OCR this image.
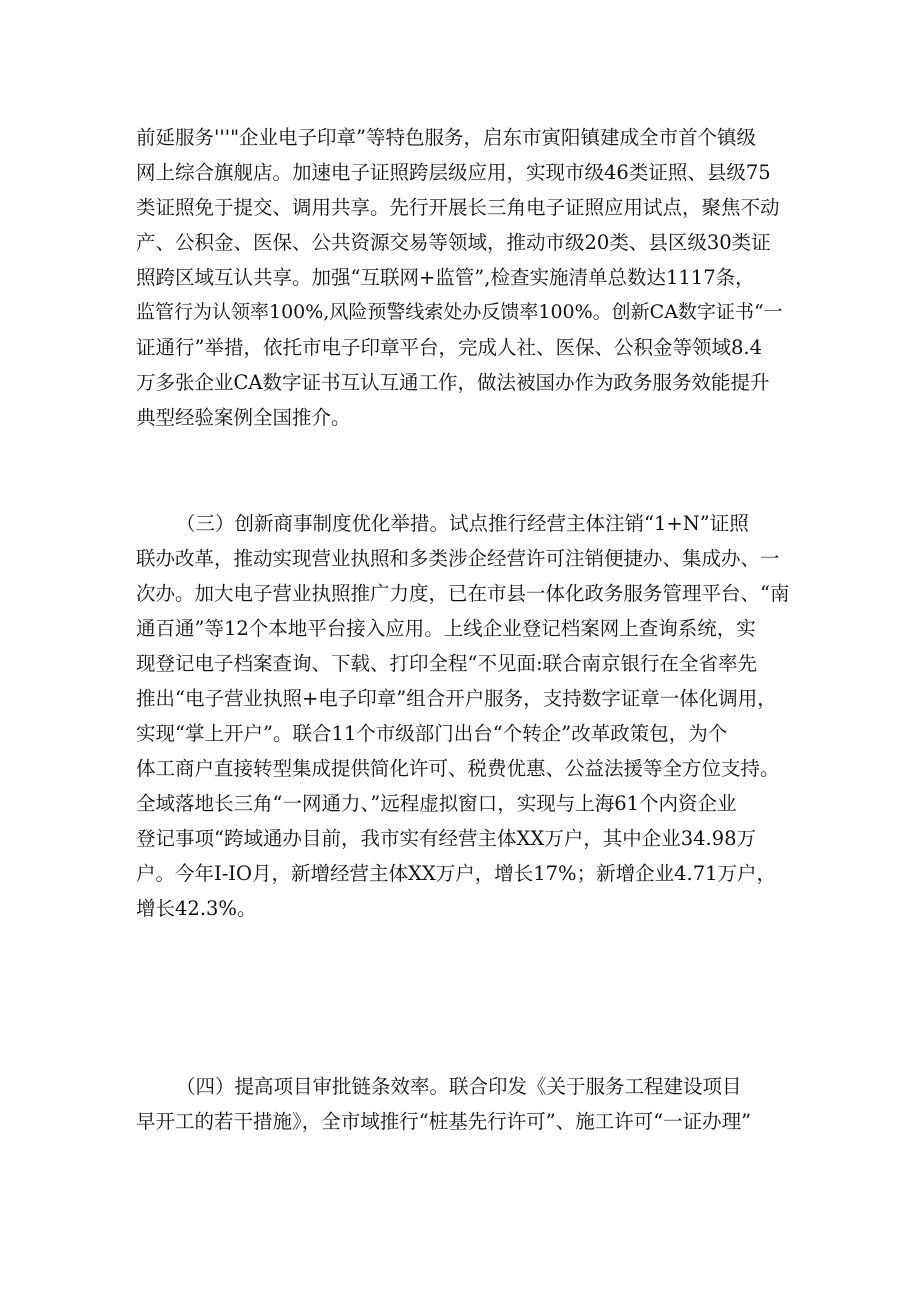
前延服务'''"企业电子印章”等特色服务，启东市寅阳镇建成全市首个镇级
网上综合旗舰店。加速电子证照跨层级应用，实现市级46类证照、县级75
类证照免于提交、调用共享。先行开展长三角电子证照应用试点，聚焦不动
产、公积金、医保、公共资源交易等领域，推动市级20类、县区级30类证
照跨区域互认共享。加强“互联网+监管”,检查实施清单总数达1117条，
监管行为认领率100%,风险预警线索处办反馈率100%。创新CA数字证书“一
证通行”举措，依托市电子印章平台，完成人社、医保、公积金等领域8.4
万多张企业CA数字证书互认互通工作，做法被国办作为政务服务效能提升
典型经验案例全国推介。
（三）创新商事制度优化举措。试点推行经营主体注销“1+N”证照
联办改革，推动实现营业执照和多类涉企经营许可注销便捷办、集成办、一
次办。加大电子营业执照推广力度，已在市县一体化政务服务管理平台、“南
通百通”等12个本地平台接入应用。上线企业登记档案网上查询系统，实
现登记电子档案查询、下载、打印全程“不见面:联合南京银行在全省率先
推出“电子营业执照+电子印章”组合开户服务，支持数字证章一体化调用，
实现“掌上开户”。联合11个市级部门出台“个转企”改革政策包，为个
体工商户直接转型集成提供简化许可、税费优惠、公益法援等全方位支持。
全域落地长三角“一网通力、”远程虚拟窗口，实现与上海61个内资企业
登记事项“跨域通办目前，我市实有经营主体XX万户，其中企业34.98万
户。今年I-IO月，新增经营主体XX万户，增长17%；新增企业4.71万户，
增长42.3%。
（四）提高项目审批链条效率。联合印发《关于服务工程建设项目
早开工的若干措施》，全市域推行“桩基先行许可”、施工许可“一证办理”
